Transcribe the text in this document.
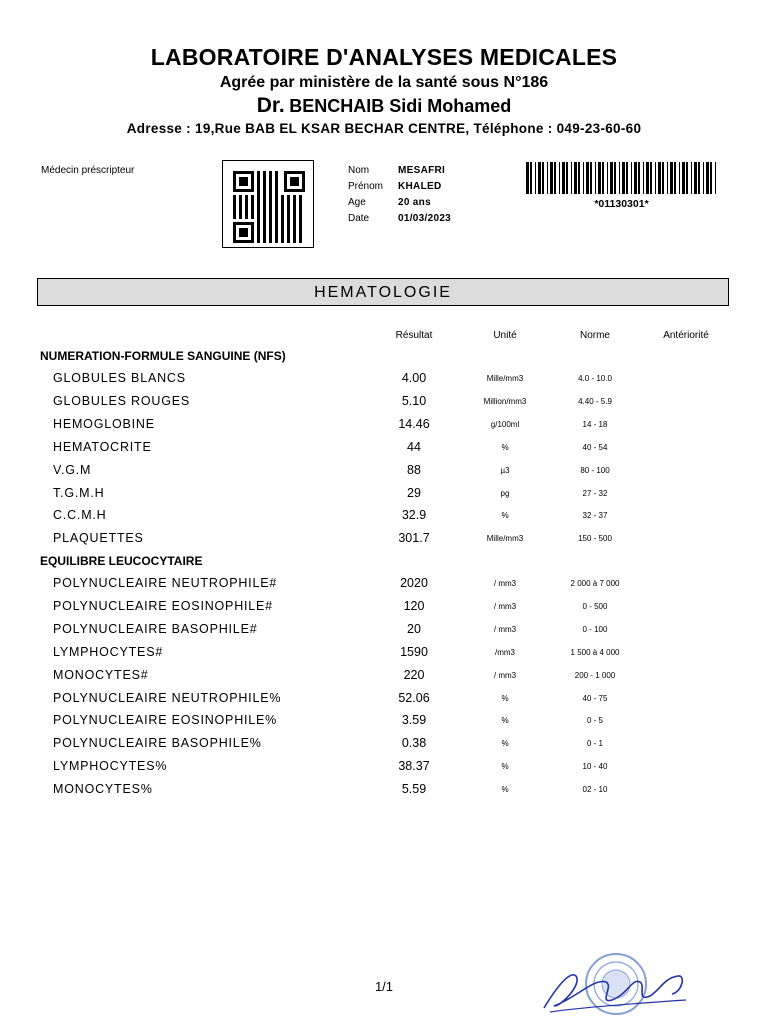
LABORATOIRE D'ANALYSES MEDICALES
Agrée par ministère de la santé sous N°186
Dr. BENCHAIB Sidi Mohamed
Adresse : 19,Rue BAB EL KSAR BECHAR CENTRE, Téléphone : 049-23-60-60
Médecin préscripteur	Nom	MESAFRI
Prénom	KHALED
Age	20 ans
Date	01/03/2023
*01130301*
HEMATOLOGIE
Résultat	Unité	Norme	Antériorité
NUMERATION-FORMULE SANGUINE (NFS)
GLOBULES BLANCS	4.00	Mille/mm3	4.0 - 10.0
GLOBULES ROUGES	5.10	Million/mm3	4.40 - 5.9
HEMOGLOBINE	14.46	g/100ml	14 - 18
HEMATOCRITE	44	%	40 - 54
V.G.M	88	µ3	80 - 100
T.G.M.H	29	pg	27 - 32
C.C.M.H	32.9	%	32 - 37
PLAQUETTES	301.7	Mille/mm3	150 - 500
EQUILIBRE LEUCOCYTAIRE
POLYNUCLEAIRE NEUTROPHILE#	2020	/ mm3	2 000 à 7 000
POLYNUCLEAIRE EOSINOPHILE#	120	/ mm3	0 - 500
POLYNUCLEAIRE BASOPHILE#	20	/ mm3	0 - 100
LYMPHOCYTES#	1590	/mm3	1 500 à 4 000
MONOCYTES#	220	/ mm3	200 - 1 000
POLYNUCLEAIRE NEUTROPHILE%	52.06	%	40 - 75
POLYNUCLEAIRE EOSINOPHILE%	3.59	%	0 - 5
POLYNUCLEAIRE BASOPHILE%	0.38	%	0 - 1
LYMPHOCYTES%	38.37	%	10 - 40
MONOCYTES%	5.59	%	02 - 10
1/1
